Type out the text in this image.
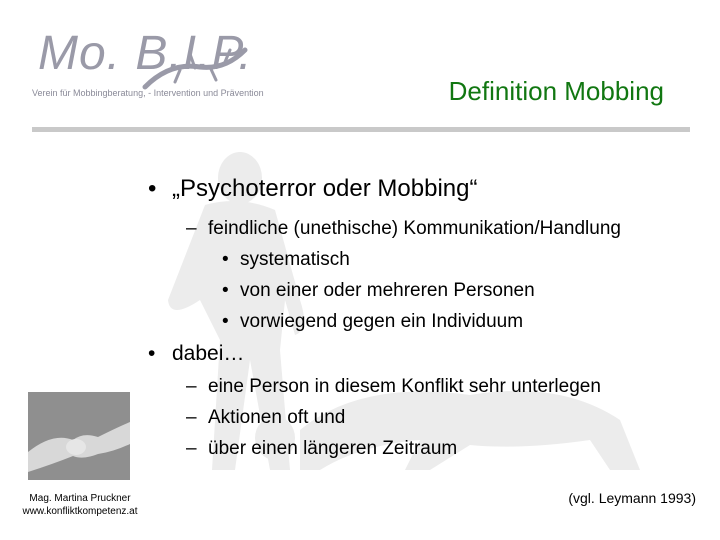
Mo. B.I.P.
Verein für Mobbingberatung, - Intervention und Prävention	Definition Mobbing
• „Psychoterror oder Mobbing“
– feindliche (unethische) Kommunikation/Handlung
• systematisch
• von einer oder mehreren Personen
• vorwiegend gegen ein Individuum
• dabei…
– eine Person in diesem Konflikt sehr unterlegen
– Aktionen oft und
– über einen längeren Zeitraum
Mag. Martina Pruckner
www.konfliktkompetenz.at
(vgl. Leymann 1993)
